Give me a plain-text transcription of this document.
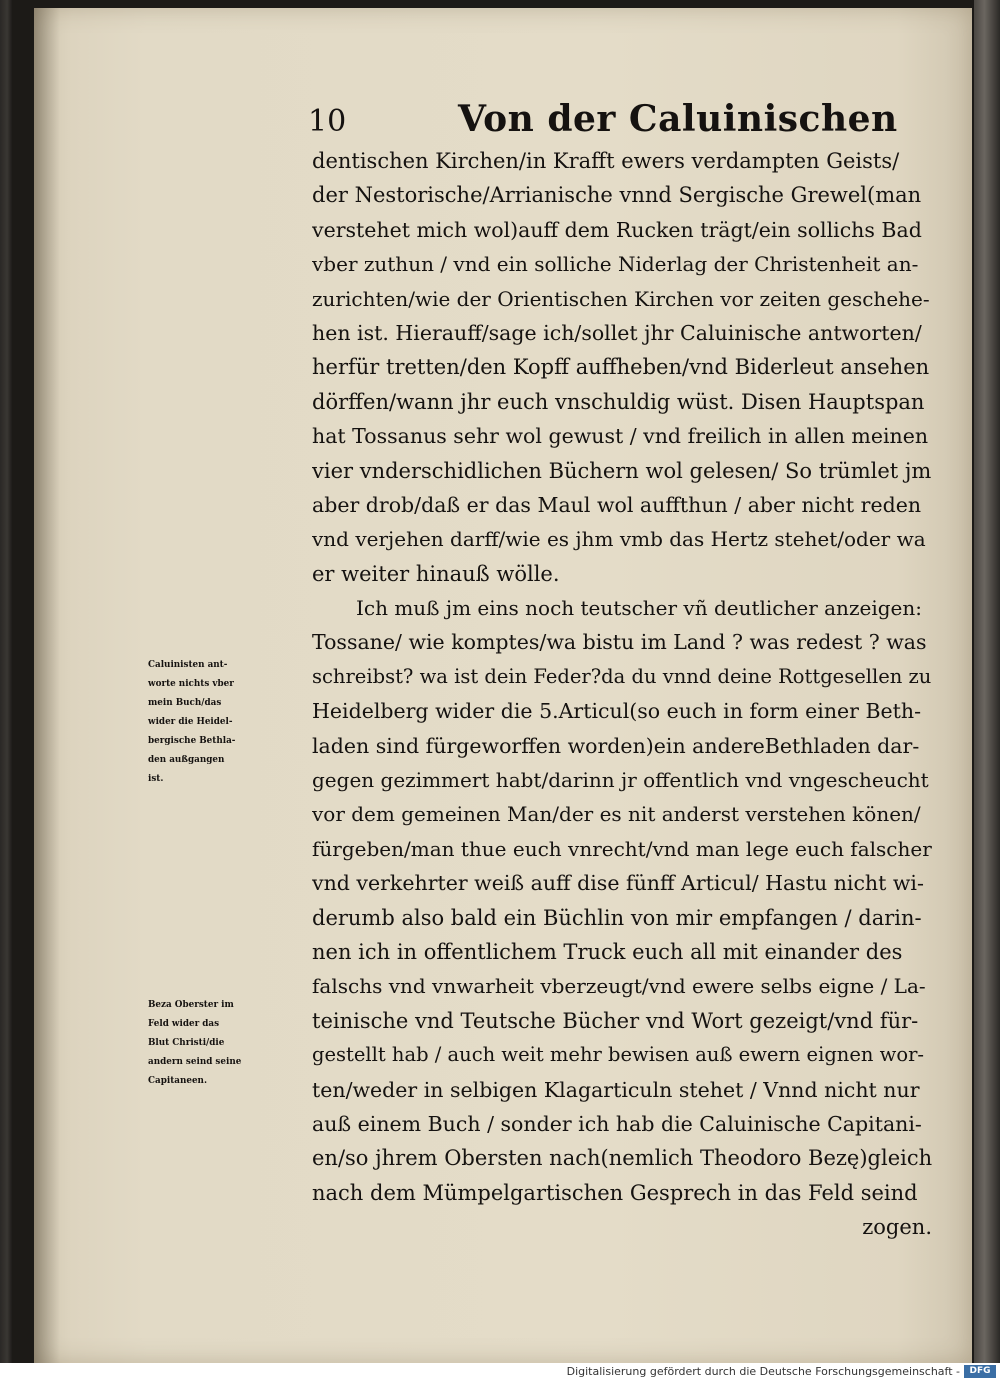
10	Von der Caluinischen
dentischen Kirchen/in Krafft ewers verdampten Geists/
der Nestorische/Arrianische vnnd Sergische Grewel(man
verstehet mich wol)auff dem Rucken trägt/ein sollichs Bad
vber zuthun / vnd ein solliche Niderlag der Christenheit an-
zurichten/wie der Orientischen Kirchen vor zeiten geschehe-
hen ist. Hierauff/sage ich/sollet jhr Caluinische antworten/
herfür tretten/den Kopff auffheben/vnd Biderleut ansehen
dörffen/wann jhr euch vnschuldig wüst. Disen Hauptspan
hat Tossanus sehr wol gewust / vnd freilich in allen meinen
vier vnderschidlichen Büchern wol gelesen/ So trümlet jm
aber drob/daß er das Maul wol auffthun / aber nicht reden
vnd verjehen darff/wie es jhm vmb das Hertz stehet/oder wa
er weiter hinauß wölle.
Ich muß jm eins noch teutscher vñ deutlicher anzeigen:
Tossane/ wie komptes/wa bistu im Land ? was redest ? was
schreibst? wa ist dein Feder?da du vnnd deine Rottgesellen zu
Heidelberg wider die 5.Articul(so euch in form einer Beth-
laden sind fürgeworffen worden)ein andereBethladen dar-
gegen gezimmert habt/darinn jr offentlich vnd vngescheucht
vor dem gemeinen Man/der es nit anderst verstehen könen/
fürgeben/man thue euch vnrecht/vnd man lege euch falscher
vnd verkehrter weiß auff dise fünff Articul/ Hastu nicht wi-
derumb also bald ein Büchlin von mir empfangen / darin-
nen ich in offentlichem Truck euch all mit einander des
falschs vnd vnwarheit vberzeugt/vnd ewere selbs eigne / La-
teinische vnd Teutsche Bücher vnd Wort gezeigt/vnd für-
gestellt hab / auch weit mehr bewisen auß ewern eignen wor-
ten/weder in selbigen Klagarticuln stehet / Vnnd nicht nur
auß einem Buch / sonder ich hab die Caluinische Capitani-
en/so jhrem Obersten nach(nemlich Theodoro Bezę)gleich
nach dem Mümpelgartischen Gesprech in das Feld seind
zogen.
Caluinisten ant-
worte nichts vber
mein Buch/das
wider die Heidel-
bergische Bethla-
den außgangen
ist.
Beza Oberster im
Feld wider das
Blut Christi/die
andern seind seine
Capitaneen.
Digitalisierung gefördert durch die Deutsche Forschungsgemeinschaft -	DFG
